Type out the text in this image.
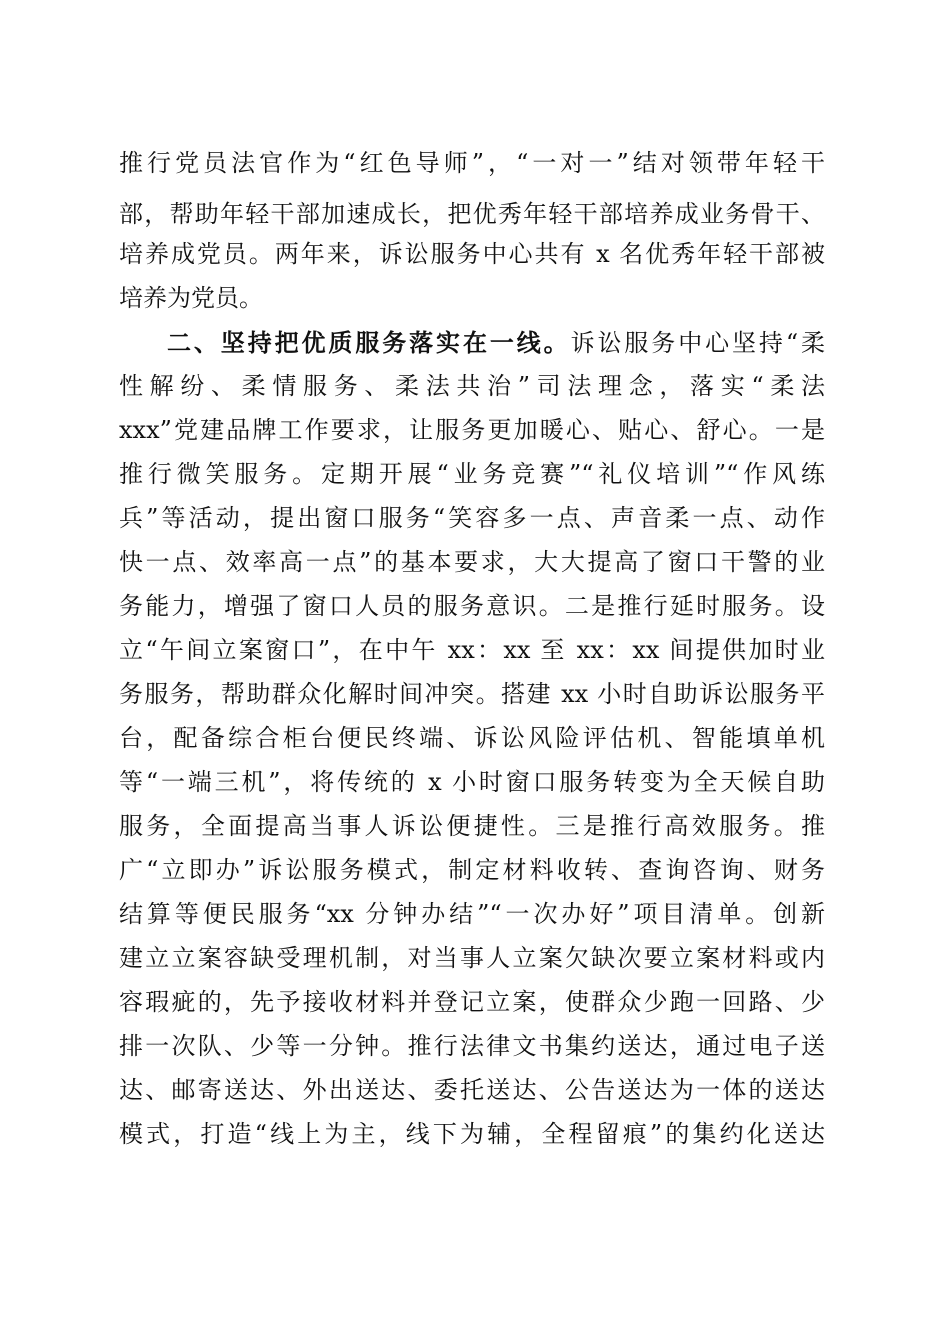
推行党员法官作为“红色导师”，“一对一”结对领带年轻干
部，帮助年轻干部加速成长，把优秀年轻干部培养成业务骨干、
培养成党员。两年来，诉讼服务中心共有 x 名优秀年轻干部被
培养为党员。
二、坚持把优质服务落实在一线。诉讼服务中心坚持“柔
性解纷、柔情服务、柔法共治”司法理念，落实“柔法
xxx”党建品牌工作要求，让服务更加暖心、贴心、舒心。一是
推行微笑服务。定期开展“业务竞赛”“礼仪培训”“作风练
兵”等活动，提出窗口服务“笑容多一点、声音柔一点、动作
快一点、效率高一点”的基本要求，大大提高了窗口干警的业
务能力，增强了窗口人员的服务意识。二是推行延时服务。设
立“午间立案窗口”，在中午 xx：xx 至 xx：xx 间提供加时业
务服务，帮助群众化解时间冲突。搭建 xx 小时自助诉讼服务平
台，配备综合柜台便民终端、诉讼风险评估机、智能填单机
等“一端三机”，将传统的 x 小时窗口服务转变为全天候自助
服务，全面提高当事人诉讼便捷性。三是推行高效服务。推
广“立即办”诉讼服务模式，制定材料收转、查询咨询、财务
结算等便民服务“xx 分钟办结”“一次办好”项目清单。创新
建立立案容缺受理机制，对当事人立案欠缺次要立案材料或内
容瑕疵的，先予接收材料并登记立案，使群众少跑一回路、少
排一次队、少等一分钟。推行法律文书集约送达，通过电子送
达、邮寄送达、外出送达、委托送达、公告送达为一体的送达
模式，打造“线上为主，线下为辅，全程留痕”的集约化送达
